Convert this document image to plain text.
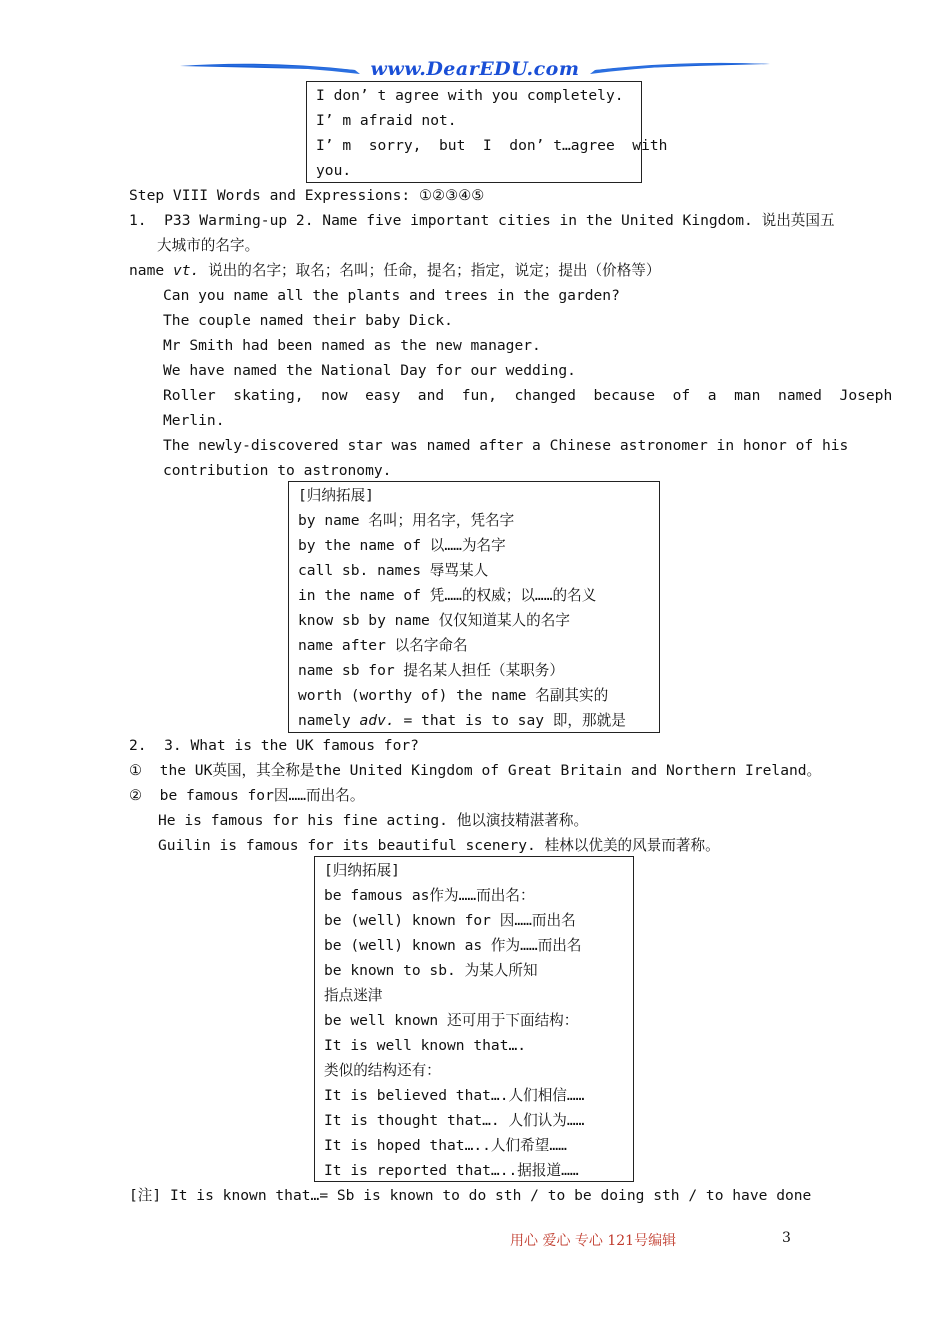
www.DearEDU.com
I don’ t agree with you completely.
I’ m afraid not.
I’ m  sorry,  but  I  don’ t…agree  with
you.
Step VIII Words and Expressions: ①②③④⑤
1.  P33 Warming-up 2. Name five important cities in the United Kingdom. 说出英国五
大城市的名字。
name vt. 说出的名字；取名；名叫；任命，提名；指定，说定；提出（价格等）
Can you name all the plants and trees in the garden?
The couple named their baby Dick.
Mr Smith had been named as the new manager.
We have named the National Day for our wedding.
Roller  skating,  now  easy  and  fun,  changed  because  of  a  man  named  Joseph
Merlin.
The newly-discovered star was named after a Chinese astronomer in honor of his
contribution to astronomy.
[归纳拓展]
by name 名叫；用名字，凭名字
by the name of 以……为名字
call sb. names 辱骂某人
in the name of 凭……的权威；以……的名义
know sb by name 仅仅知道某人的名字
name after 以名字命名
name sb for 提名某人担任（某职务）
worth (worthy of) the name 名副其实的
namely adv. = that is to say 即，那就是
2.  3. What is the UK famous for?
①  the UK英国，其全称是the United Kingdom of Great Britain and Northern Ireland。
②  be famous for因……而出名。
He is famous for his fine acting. 他以演技精湛著称。
Guilin is famous for its beautiful scenery. 桂林以优美的风景而著称。
[归纳拓展]
be famous as作为……而出名：
be (well) known for 因……而出名
be (well) known as 作为……而出名
be known to sb. 为某人所知
指点迷津
be well known 还可用于下面结构：
It is well known that….
类似的结构还有：
It is believed that….人们相信……
It is thought that…. 人们认为……
It is hoped that…..人们希望……
It is reported that…..据报道……
[注] It is known that…= Sb is known to do sth / to be doing sth / to have done
用心 爱心 专心 121号编辑	3
